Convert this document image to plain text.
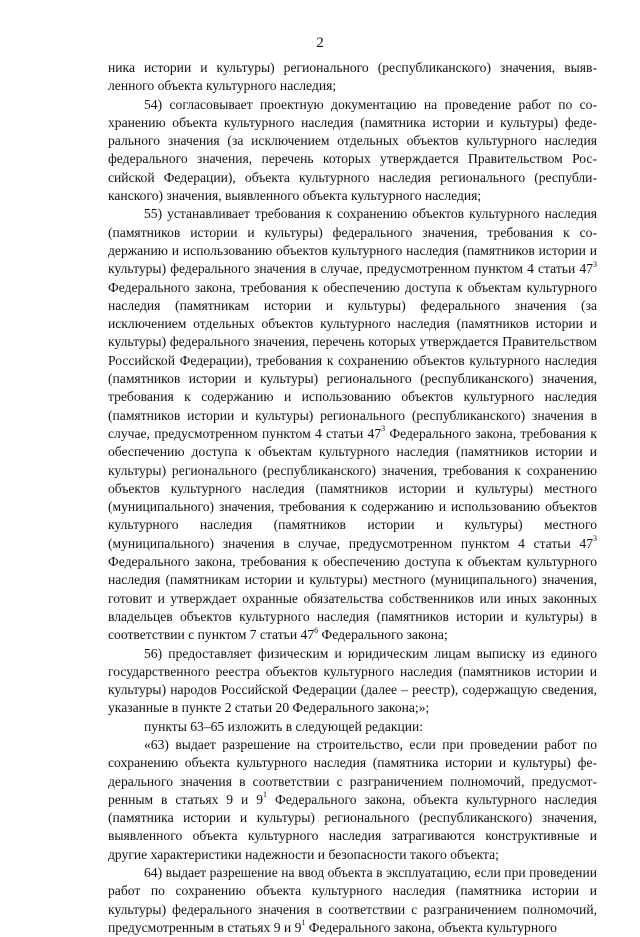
2

ника истории и культуры) регионального (республиканского) значения, выявленного объекта культурного наследия;

54) согласовывает проектную документацию на проведение работ по сохранению объекта культурного наследия (памятника истории и культуры) федерального значения (за исключением отдельных объектов культурного наследия федерального значения, перечень которых утверждается Правительством Российской Федерации), объекта культурного наследия регионального (республиканского) значения, выявленного объекта культурного наследия;

55) устанавливает требования к сохранению объектов культурного наследия (памятников истории и культуры) федерального значения, требования к содержанию и использованию объектов культурного наследия (памятников истории и культуры) федерального значения в случае, предусмотренном пунктом 4 статьи $47^3$ Федерального закона, требования к обеспечению доступа к объектам культурного наследия (памятникам истории и культуры) федерального значения (за исключением отдельных объектов культурного наследия (памятников истории и культуры) федерального значения, перечень которых утверждается Правительством Российской Федерации), требования к сохранению объектов культурного наследия (памятников истории и культуры) регионального (республиканского) значения, требования к содержанию и использованию объектов культурного наследия (памятников истории и культуры) регионального (республиканского) значения в случае, предусмотренном пунктом 4 статьи $47^3$ Федерального закона, требования к обеспечению доступа к объектам культурного наследия (памятников истории и культуры) регионального (республиканского) значения, требования к сохранению объектов культурного наследия (памятников истории и культуры) местного (муниципального) значения, требования к содержанию и использованию объектов культурного наследия (памятников истории и культуры) местного (муниципального) значения в случае, предусмотренном пунктом 4 статьи $47^3$ Федерального закона, требования к обеспечению доступа к объектам культурного наследия (памятникам истории и культуры) местного (муниципального) значения, готовит и утверждает охранные обязательства собственников или иных законных владельцев объектов культурного наследия (памятников истории и культуры) в соответствии с пунктом 7 статьи $47^6$ Федерального закона;

56) предоставляет физическим и юридическим лицам выписку из единого государственного реестра объектов культурного наследия (памятников истории и культуры) народов Российской Федерации (далее – реестр), содержащую сведения, указанные в пункте 2 статьи 20 Федерального закона;»;

пункты 63–65 изложить в следующей редакции:

«63) выдает разрешение на строительство, если при проведении работ по сохранению объекта культурного наследия (памятника истории и культуры) федерального значения в соответствии с разграничением полномочий, предусмотренным в статьях 9 и $9^1$ Федерального закона, объекта культурного наследия (памятника истории и культуры) регионального (республиканского) значения, выявленного объекта культурного наследия затрагиваются конструктивные и другие характеристики надежности и безопасности такого объекта;

64) выдает разрешение на ввод объекта в эксплуатацию, если при проведении работ по сохранению объекта культурного наследия (памятника истории и культуры) федерального значения в соответствии с разграничением полномочий, предусмотренным в статьях 9 и $9^1$ Федерального закона, объекта культурного
